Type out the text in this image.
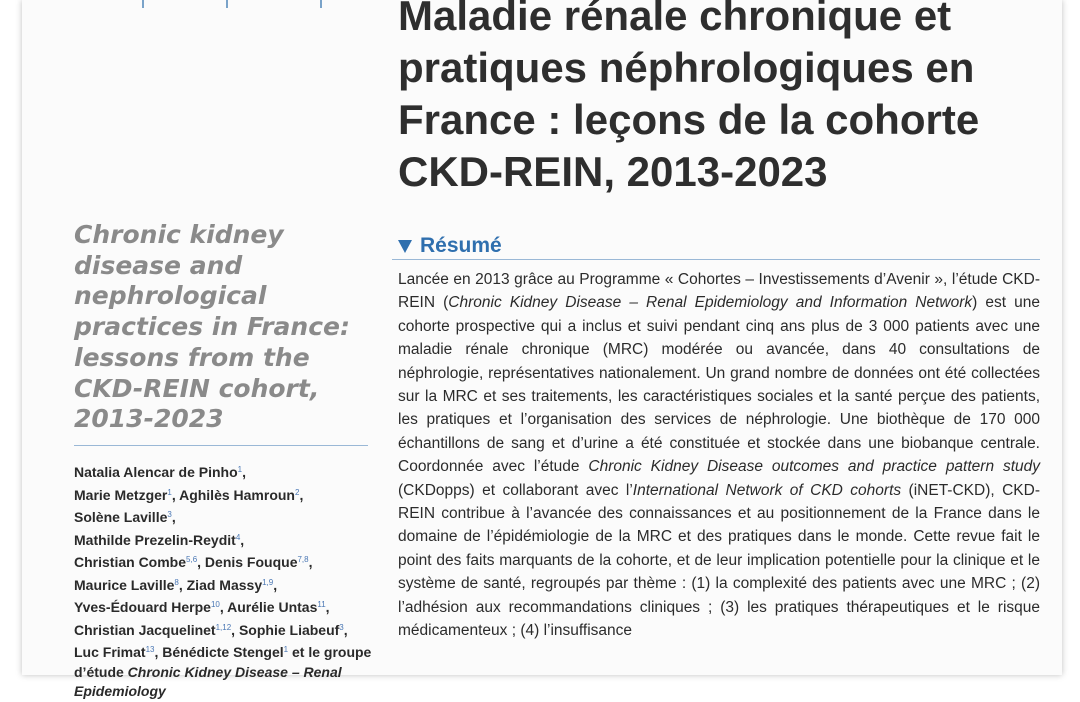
Maladie rénale chronique et pratiques néphrologiques en France : leçons de la cohorte CKD-REIN, 2013-2023
Chronic kidney disease and nephrological practices in France: lessons from the CKD-REIN cohort, 2013-2023
Natalia Alencar de Pinho$^1$,
Marie Metzger$^1$, Aghilès Hamroun$^2$,
Solène Laville$^3$,
Mathilde Prezelin-Reydit$^4$,
Christian Combe$^{5,6}$, Denis Fouque$^{7,8}$,
Maurice Laville$^8$, Ziad Massy$^{1,9}$,
Yves-Édouard Herpe$^{10}$, Aurélie Untas$^{11}$,
Christian Jacquelinet$^{1,12}$, Sophie Liabeuf$^3$, Luc Frimat$^{13}$, Bénédicte Stengel$^1$ et le groupe d’étude Chronic Kidney Disease – Renal Epidemiology
Résumé

Lancée en 2013 grâce au Programme « Cohortes – Investissements d’Avenir », l’étude CKD-REIN (Chronic Kidney Disease – Renal Epidemiology and Information Network) est une cohorte prospective qui a inclus et suivi pendant cinq ans plus de 3 000 patients avec une maladie rénale chronique (MRC) modérée ou avancée, dans 40 consultations de néphrologie, représentatives nationalement. Un grand nombre de données ont été collectées sur la MRC et ses traitements, les caractéristiques sociales et la santé perçue des patients, les pratiques et l’organisation des services de néphrologie. Une biothèque de 170 000 échantillons de sang et d’urine a été constituée et stockée dans une biobanque centrale. Coordonnée avec l’étude Chronic Kidney Disease outcomes and practice pattern study (CKDopps) et collaborant avec l’International Network of CKD cohorts (iNET-CKD), CKD-REIN contribue à l’avancée des connaissances et au positionnement de la France dans le domaine de l’épidémiologie de la MRC et des pratiques dans le monde. Cette revue fait le point des faits marquants de la cohorte, et de leur implication potentielle pour la clinique et le système de santé, regroupés par thème : (1) la complexité des patients avec une MRC ; (2) l’adhésion aux recommandations cliniques ; (3) les pratiques thérapeutiques et le risque médicamenteux ; (4) l’insuffisance
